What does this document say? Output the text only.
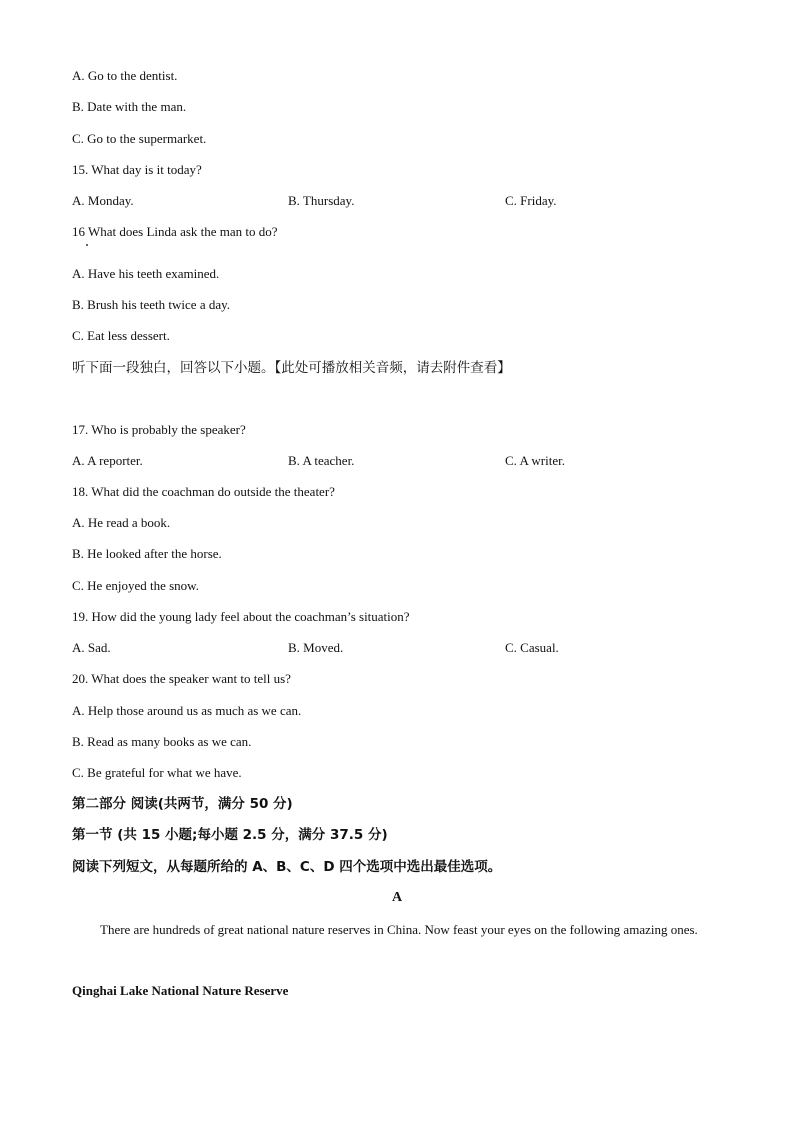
A. Go to the dentist.
B. Date with the man.
C. Go to the supermarket.
15. What day is it today?
A. Monday.	B. Thursday.	C. Friday.
16 What does Linda ask the man to do?
A. Have his teeth examined.
B. Brush his teeth twice a day.
C. Eat less dessert.
听下面一段独白，回答以下小题。【此处可播放相关音频，请去附件查看】
17. Who is probably the speaker?
A. A reporter.	B. A teacher.	C. A writer.
18. What did the coachman do outside the theater?
A. He read a book.
B. He looked after the horse.
C. He enjoyed the snow.
19. How did the young lady feel about the coachman’s situation?
A. Sad.	B. Moved.	C. Casual.
20. What does the speaker want to tell us?
A. Help those around us as much as we can.
B. Read as many books as we can.
C. Be grateful for what we have.
第二部分 阅读(共两节，满分 50 分)
第一节 (共 15 小题;每小题 2.5 分，满分 37.5 分)
阅读下列短文，从每题所给的 A、B、C、D 四个选项中选出最佳选项。
A
There are hundreds of great national nature reserves in China. Now feast your eyes on the following amazing ones.
Qinghai Lake National Nature Reserve
